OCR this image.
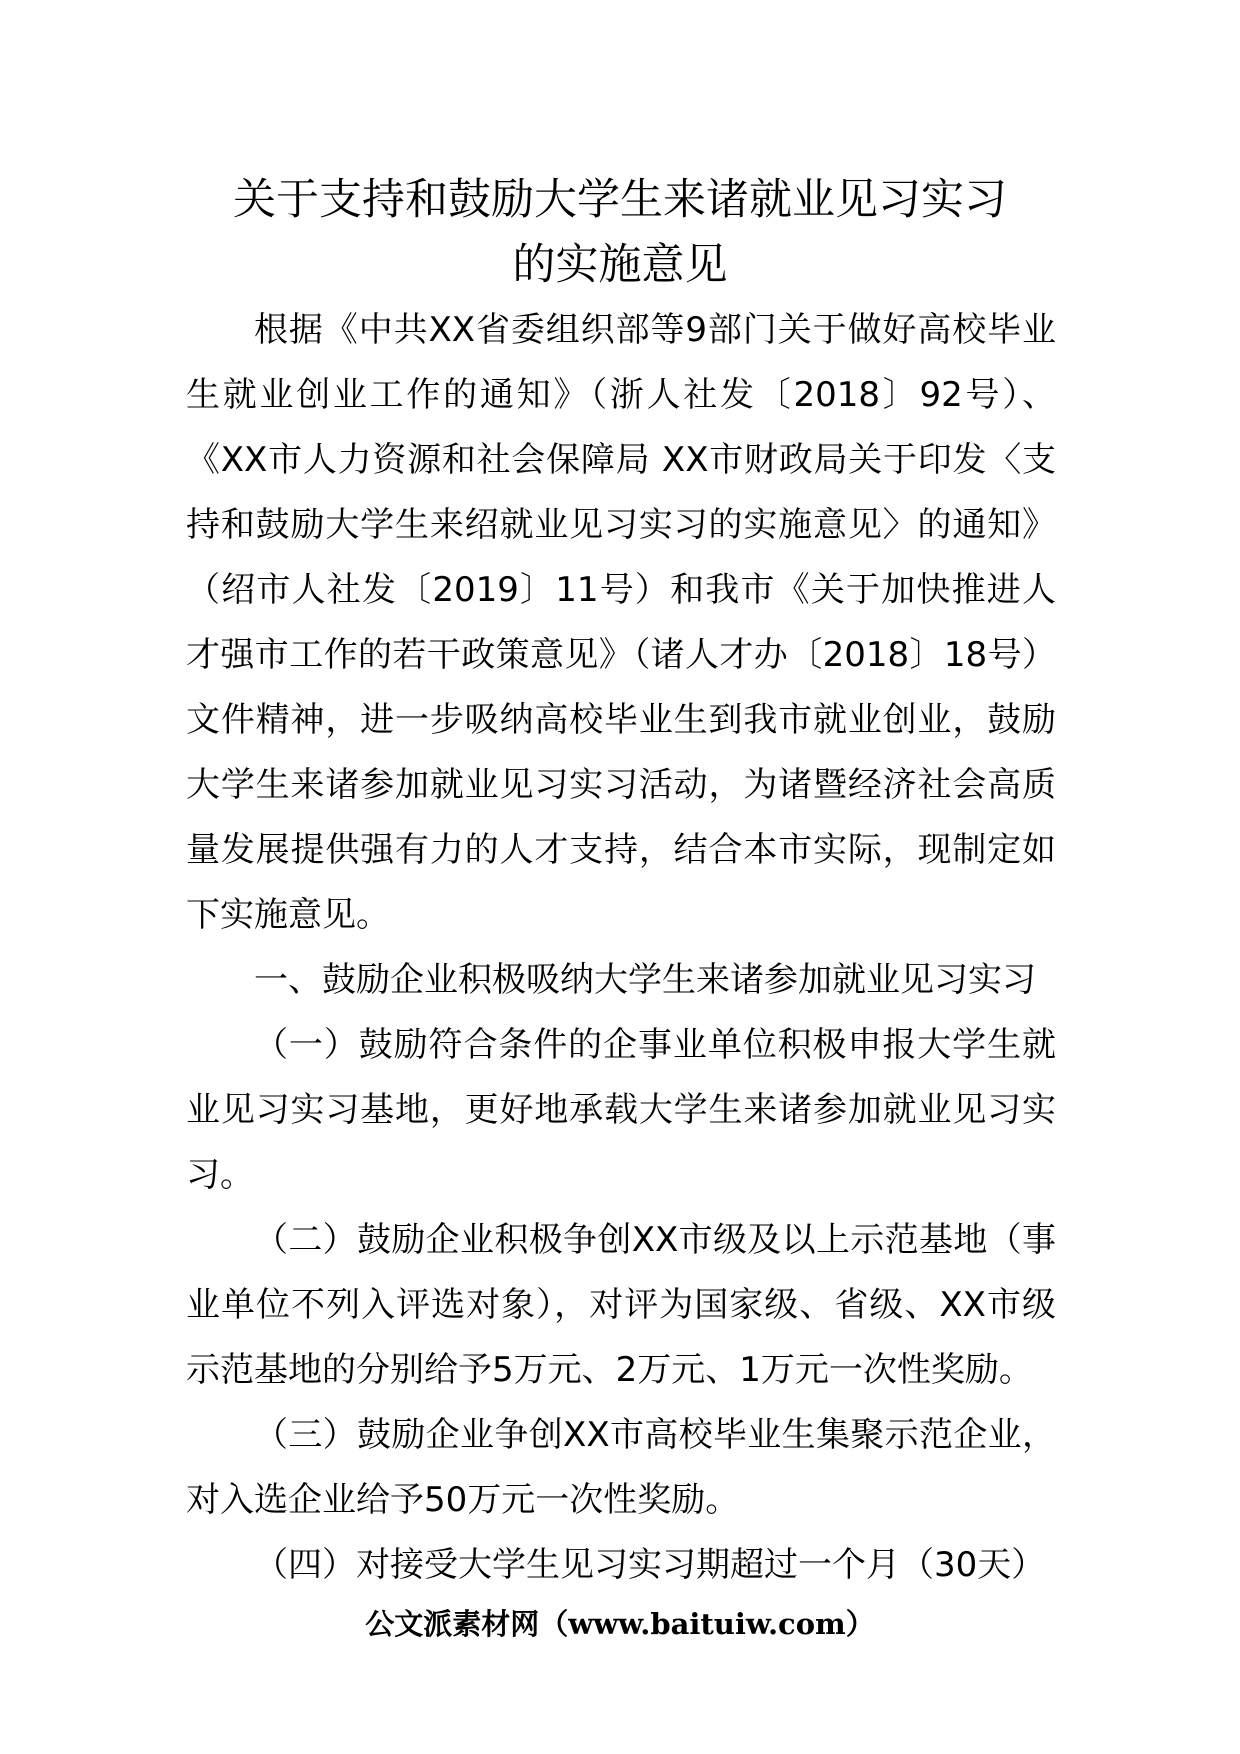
关于支持和鼓励大学生来诸就业见习实习
的实施意见

根据《中共XX省委组织部等9部门关于做好高校毕业生就业创业工作的通知》（浙人社发〔2018〕92号）、《XX市人力资源和社会保障局 XX市财政局关于印发〈支持和鼓励大学生来绍就业见习实习的实施意见〉的通知》（绍市人社发〔2019〕11号）和我市《关于加快推进人才强市工作的若干政策意见》（诸人才办〔2018〕18号）文件精神，进一步吸纳高校毕业生到我市就业创业，鼓励大学生来诸参加就业见习实习活动，为诸暨经济社会高质量发展提供强有力的人才支持，结合本市实际，现制定如下实施意见。

一、鼓励企业积极吸纳大学生来诸参加就业见习实习

（一）鼓励符合条件的企事业单位积极申报大学生就业见习实习基地，更好地承载大学生来诸参加就业见习实习。

（二）鼓励企业积极争创XX市级及以上示范基地（事业单位不列入评选对象），对评为国家级、省级、XX市级示范基地的分别给予5万元、2万元、1万元一次性奖励。

（三）鼓励企业争创XX市高校毕业生集聚示范企业，对入选企业给予50万元一次性奖励。

（四）对接受大学生见习实习期超过一个月（30天）

公文派素材网（www.baituiw.com）
